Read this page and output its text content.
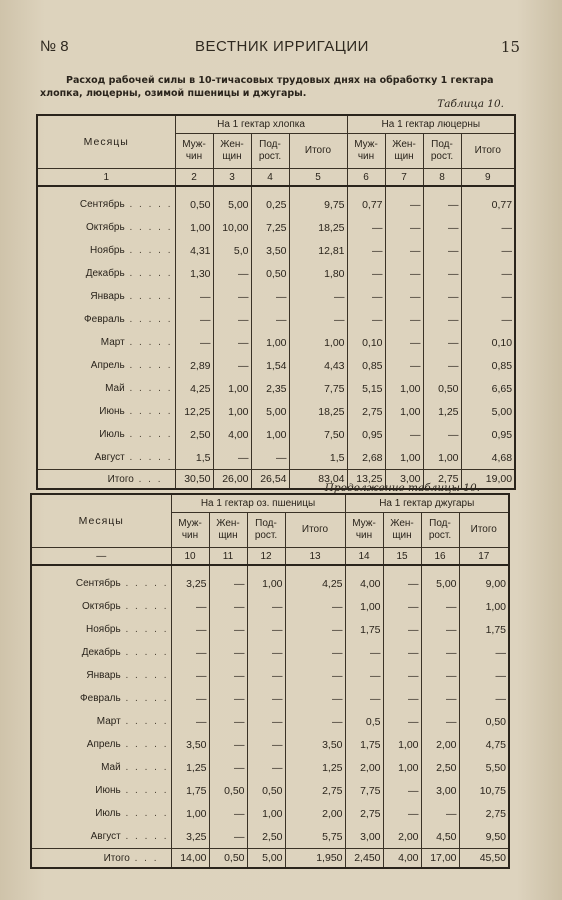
№ 8	ВЕСТНИК ИРРИГАЦИИ	15
Расход рабочей силы в 10-тичасовых трудовых днях на обработку 1 гектара хлопка, люцерны, озимой пшеницы и джугары.
Таблица 10.
Месяцы	На 1 гектар хлопка				На 1 гектар люцерны			
	Муж-чин	Жен-щин	Под-рост.	Итого	Муж-чин	Жен-щин	Под-рост.	Итого
1	2	3	4	5	6	7	8	9
Сентябрь . . . . .	0,50	5,00	0,25	9,75	0,77	—	—	0,77
Октябрь . . . . .	1,00	10,00	7,25	18,25	—	—	—	—
Ноябрь . . . . .	4,31	5,0	3,50	12,81	—	—	—	—
Декабрь . . . . .	1,30	—	0,50	1,80	—	—	—	—
Январь . . . . .	—	—	—	—	—	—	—	—
Февраль . . . . .	—	—	—	—	—	—	—	—
Март . . . . .	—	—	1,00	1,00	0,10	—	—	0,10
Апрель . . . . .	2,89	—	1,54	4,43	0,85	—	—	0,85
Май . . . . .	4,25	1,00	2,35	7,75	5,15	1,00	0,50	6,65
Июнь . . . . .	12,25	1,00	5,00	18,25	2,75	1,00	1,25	5,00
Июль . . . . .	2,50	4,00	1,00	7,50	0,95	—	—	0,95
Август . . . . .	1,5	—	—	1,5	2,68	1,00	1,00	4,68
Итого . . .	30,50	26,00	26,54	83,04	13,25	3,00	2,75	19,00
Продолжение таблицы 10.
Месяцы	На 1 гектар оз. пшеницы				На 1 гектар джугары			
	Муж-чин	Жен-щин	Под-рост.	Итого	Муж-чин	Жен-щин	Под-рост.	Итого
—	10	11	12	13	14	15	16	17
Сентябрь . . . . .	3,25	—	1,00	4,25	4,00	—	5,00	9,00
Октябрь . . . . .	—	—	—	—	1,00	—	—	1,00
Ноябрь . . . . .	—	—	—	—	1,75	—	—	1,75
Декабрь . . . . .	—	—	—	—	—	—	—	—
Январь . . . . .	—	—	—	—	—	—	—	—
Февраль . . . . .	—	—	—	—	—	—	—	—
Март . . . . .	—	—	—	—	0,5	—	—	0,50
Апрель . . . . .	3,50	—	—	3,50	1,75	1,00	2,00	4,75
Май . . . . .	1,25	—	—	1,25	2,00	1,00	2,50	5,50
Июнь . . . . .	1,75	0,50	0,50	2,75	7,75	—	3,00	10,75
Июль . . . . .	1,00	—	1,00	2,00	2,75	—	—	2,75
Август . . . . .	3,25	—	2,50	5,75	3,00	2,00	4,50	9,50
Итого . . .	14,00	0,50	5,00	1,950	2,450	4,00	17,00	45,50
